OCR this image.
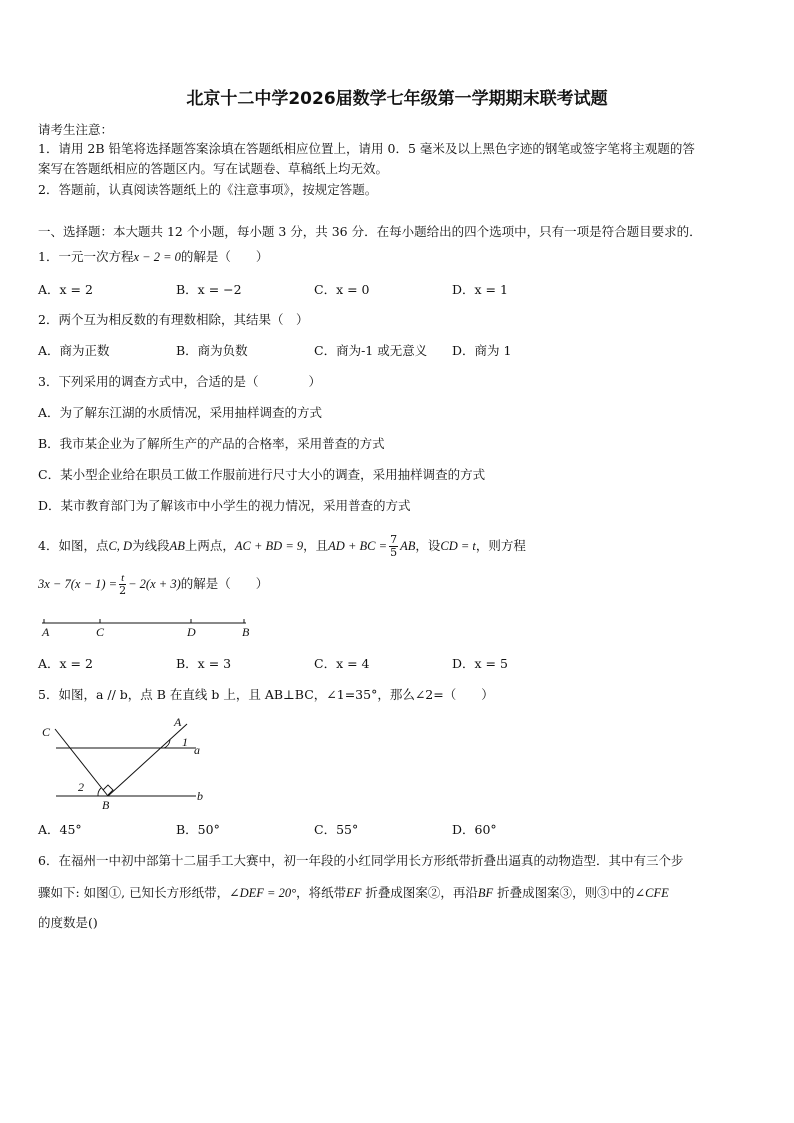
北京十二中学2026届数学七年级第一学期期末联考试题
请考生注意：
1．请用 2B 铅笔将选择题答案涂填在答题纸相应位置上，请用 0．5 毫米及以上黑色字迹的钢笔或签字笔将主观题的答
案写在答题纸相应的答题区内。写在试题卷、草稿纸上均无效。
2．答题前，认真阅读答题纸上的《注意事项》，按规定答题。
一、选择题：本大题共 12 个小题，每小题 3 分，共 36 分．在每小题给出的四个选项中，只有一项是符合题目要求的．
1．一元一次方程x − 2 = 0的解是（　　）
A．x = 2	B．x = −2	C．x = 0	D．x = 1
2．两个互为相反数的有理数相除，其结果（　）
A．商为正数	B．商为负数	C．商为-1 或无意义 D．商为 1
3．下列采用的调查方式中，合适的是（　　　　）
A．为了解东江湖的水质情况，采用抽样调查的方式
B．我市某企业为了解所生产的产品的合格率，采用普查的方式
C．某小型企业给在职员工做工作服前进行尺寸大小的调查，采用抽样调查的方式
D．某市教育部门为了解该市中小学生的视力情况，采用普查的方式
4．如图，点C, D为线段AB上两点，AC + BD = 9，且AD + BC = $\frac{7}{5}$ AB，设CD = t，则方程
$3x - 7(x - 1) = \frac{t}{2} - 2(x + 3)$的解是（　　）
A	C	D	B
A．x = 2	B．x = 3	C．x = 4	D．x = 5
5．如图，a // b，点 B 在直线 b 上，且 AB⊥BC，∠1=35°，那么∠2=（　　）
C
A
1
a
2
B
b
A．45°	B．50°	C．55°	D．60°
6．在福州一中初中部第十二届手工大赛中，初一年段的小红同学用长方形纸带折叠出逼真的动物造型．其中有三个步
骤如下: 如图①, 已知长方形纸带，∠DEF = 20°，将纸带EF 折叠成图案②，再沿BF 折叠成图案③，则③中的∠CFE
的度数是()
